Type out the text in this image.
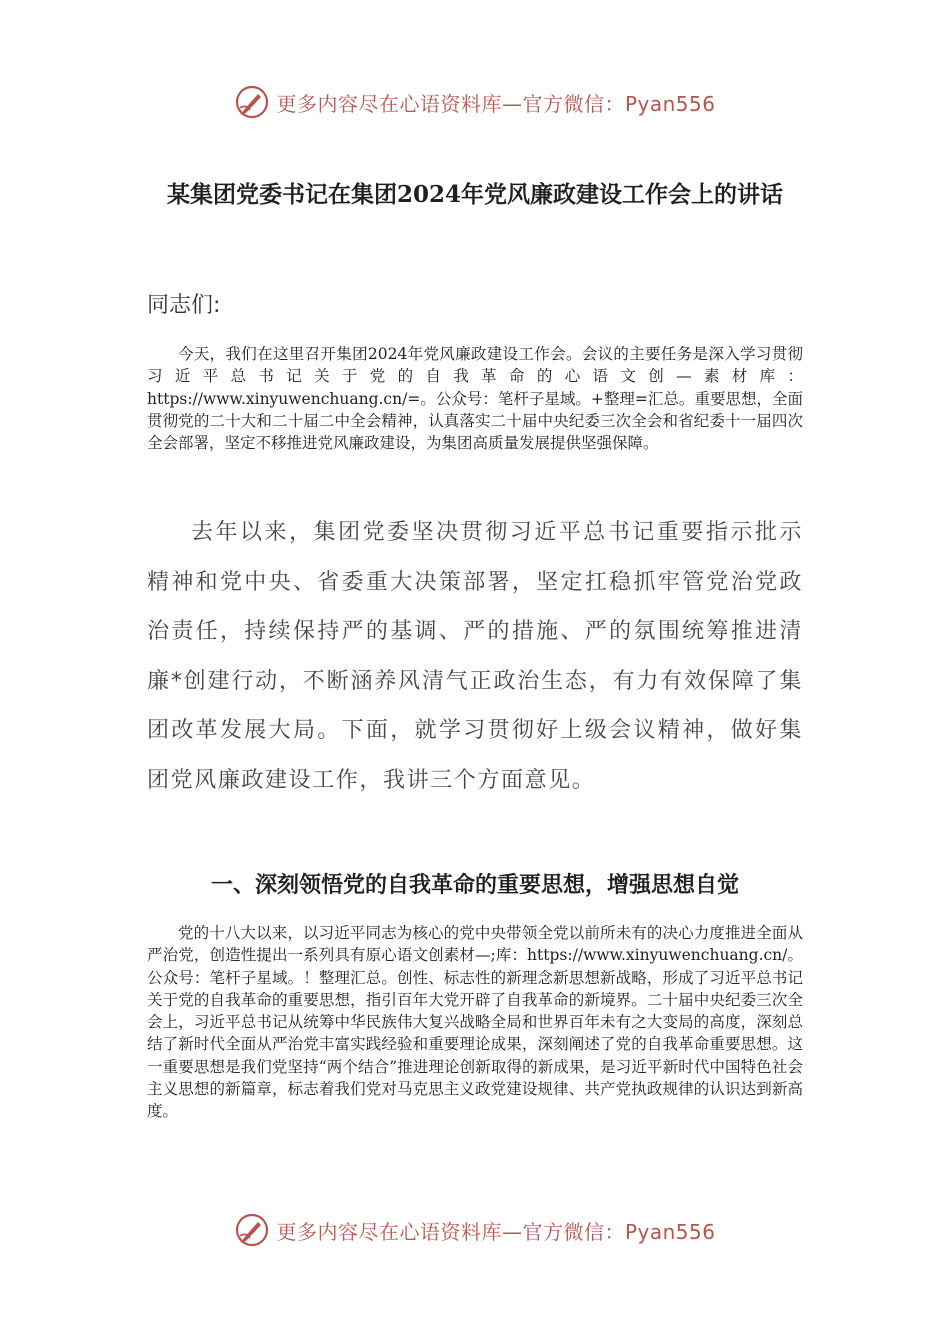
更多内容尽在心语资料库—官方微信：Pyan556
某集团党委书记在集团2024年党风廉政建设工作会上的讲话
同志们:

今天，我们在这里召开集团2024年党风廉政建设工作会。会议的主要任务是深入学习贯彻习近平总书记关于党的自我革命的心语文创—素材库：https://www.xinyuwenchuang.cn/=。公众号：笔杆子星域。+整理=汇总。重要思想，全面贯彻党的二十大和二十届二中全会精神，认真落实二十届中央纪委三次全会和省纪委十一届四次全会部署，坚定不移推进党风廉政建设，为集团高质量发展提供坚强保障。

去年以来，集团党委坚决贯彻习近平总书记重要指示批示精神和党中央、省委重大决策部署，坚定扛稳抓牢管党治党政治责任，持续保持严的基调、严的措施、严的氛围统筹推进清廉*创建行动，不断涵养风清气正政治生态，有力有效保障了集团改革发展大局。下面，就学习贯彻好上级会议精神，做好集团党风廉政建设工作，我讲三个方面意见。

一、深刻领悟党的自我革命的重要思想，增强思想自觉

党的十八大以来，以习近平同志为核心的党中央带领全党以前所未有的决心力度推进全面从严治党，创造性提出一系列具有原心语文创素材—;库：https://www.xinyuwenchuang.cn/。公众号：笔杆子星域。！整理汇总。创性、标志性的新理念新思想新战略，形成了习近平总书记关于党的自我革命的重要思想，指引百年大党开辟了自我革命的新境界。二十届中央纪委三次全会上，习近平总书记从统筹中华民族伟大复兴战略全局和世界百年未有之大变局的高度，深刻总结了新时代全面从严治党丰富实践经验和重要理论成果，深刻阐述了党的自我革命重要思想。这一重要思想是我们党坚持“两个结合”推进理论创新取得的新成果，是习近平新时代中国特色社会主义思想的新篇章，标志着我们党对马克思主义政党建设规律、共产党执政规律的认识达到新高度。

更多内容尽在心语资料库—官方微信：Pyan556
